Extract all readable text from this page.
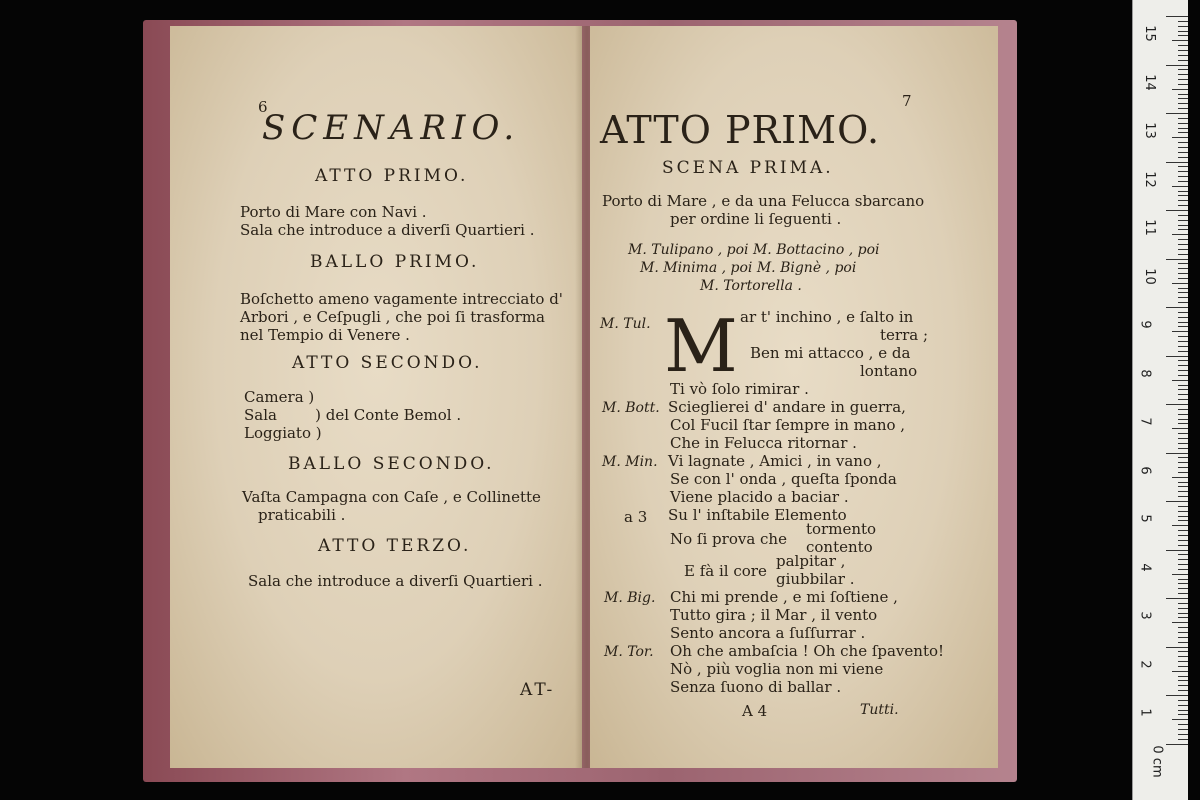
6
SCENARIO.
ATTO PRIMO.
Porto di Mare con Navi .
Sala che introduce a diverſi Quartieri .
BALLO PRIMO.
Boſchetto ameno vagamente intrecciato d'
Arbori , e Ceſpugli , che poi ſi trasforma
nel Tempio di Venere .
ATTO SECONDO.
Camera )
Sala        ) del Conte Bemol .
Loggiato )
BALLO SECONDO.
Vaſta Campagna con Caſe , e Collinette
praticabili .
ATTO TERZO.
Sala che introduce a diverſi Quartieri .
AT-
7
ATTO PRIMO.
SCENA PRIMA.
Porto di Mare , e da una Felucca sbarcano
per ordine li ſeguenti .
M. Tulipano , poi M. Bottacino , poi
M. Minima , poi M. Bignè , poi
M. Tortorella .
M. Tul. M ar t' inchino , e ſalto in
terra ;
Ben mi attacco , e da
lontano
Ti vò ſolo rimirar .
M. Bott. Scieglierei d' andare in guerra,
Col Fucil ſtar ſempre in mano ,
Che in Felucca ritornar .
M. Min. Vi lagnate , Amici , in vano ,
Se con l' onda , queſta ſponda
Viene placido a baciar .
a 3 Su l' inſtabile Elemento
No ſi prova che
tormento
contento
E fà il core
palpitar ,
giubbilar .
M. Big. Chi mi prende , e mi ſoſtiene ,
Tutto gira ; il Mar , il vento
Sento ancora a ſuſſurrar .
M. Tor. Oh che ambaſcia ! Oh che ſpavento!
Nò , più voglia non mi viene
Senza ſuono di ballar .
A 4	Tutti.
15
14
13
12
11
10
9
8
7
6
5
4
3
2
1
0 cm
